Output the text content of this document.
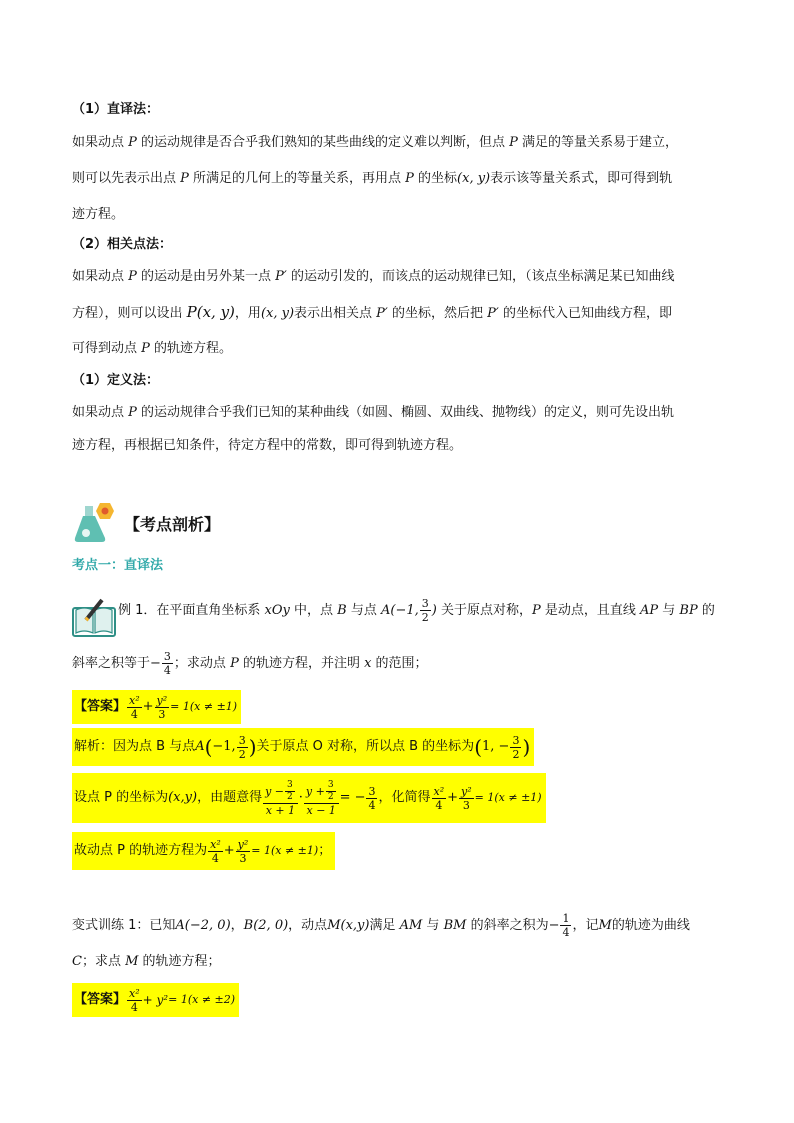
（1）直译法：
如果动点 P 的运动规律是否合乎我们熟知的某些曲线的定义难以判断，但点 P 满足的等量关系易于建立，
则可以先表示出点 P 所满足的几何上的等量关系，再用点 P 的坐标(x, y)表示该等量关系式，即可得到轨
迹方程。
（2）相关点法：
如果动点 P 的运动是由另外某一点 P′ 的运动引发的，而该点的运动规律已知，（该点坐标满足某已知曲线
方程），则可以设出 P(x, y)，用(x, y)表示出相关点 P′ 的坐标，然后把 P′ 的坐标代入已知曲线方程，即
可得到动点 P 的轨迹方程。
（1）定义法：
如果动点 P 的运动规律合乎我们已知的某种曲线（如圆、椭圆、双曲线、抛物线）的定义，则可先设出轨
迹方程，再根据已知条件，待定方程中的常数，即可得到轨迹方程。
【考点剖析】
考点一：直译法
例 1．在平面直角坐标系 xOy 中，点 B 与点 A(−1, $\frac{3}{2}$ ) 关于原点对称，P 是动点，且直线 AP 与 BP 的
斜率之积等于− $\frac{3}{4}$ ；求动点 P 的轨迹方程，并注明 x 的范围；
【答案】 $\frac{\text{x²}}{4} + \frac{\text{y²}}{3} = 1(x \ne \pm 1)$
解析：因为点 B 与点 A ( −1, $\frac{3}{2}$ ) 关于原点 O 对称，所以点 B 的坐标为 ( 1, − $\frac{3}{2}$ )
设点 P 的坐标为 (x,y) ，由题意得 $\frac{y - \frac{3}{2}}{x + 1} \cdot \frac{y + \frac{3}{2}}{x - 1}$ = − $\frac{3}{4}$ ，化简得 $\frac{\text{x²}}{4} + \frac{\text{y²}}{3} = 1(x \ne \pm 1)$
故动点 P 的轨迹方程为 $\frac{\text{x²}}{4} + \frac{\text{y²}}{3} = 1(x \ne \pm 1)$ ；
变式训练 1：已知A(−2, 0)，B(2, 0)，动点M(x,y)满足 AM 与 BM 的斜率之积为− $\frac{1}{4}$ ，记M的轨迹为曲线
C；求点 M 的轨迹方程；
【答案】 $\frac{\text{x²}}{4} + y^2 = 1(x \ne \pm 2)$
